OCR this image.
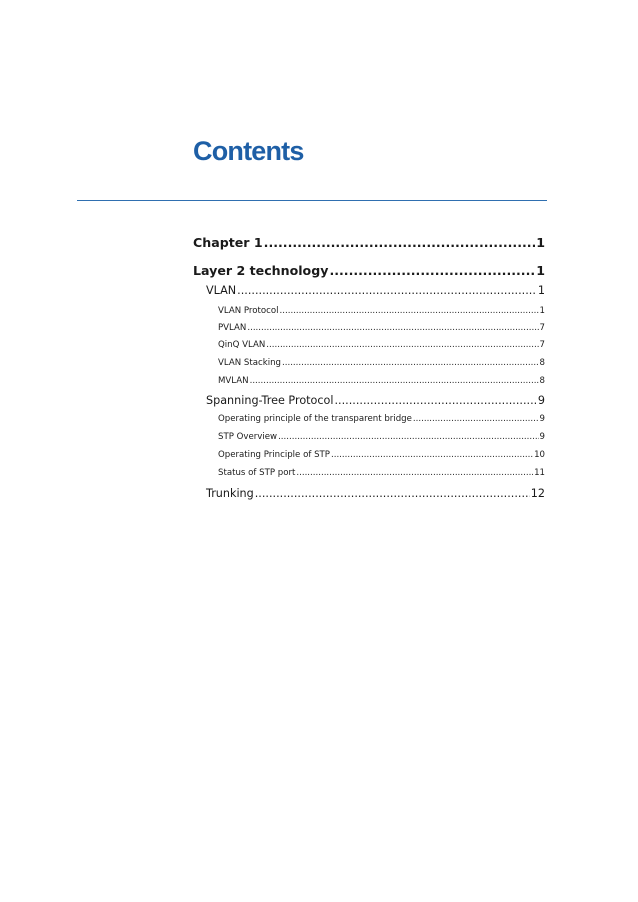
Contents
Chapter 1 .....	1
Layer 2 technology .....	1
VLAN .....	1
VLAN Protocol .....	1
PVLAN .....	7
QinQ VLAN .....	7
VLAN Stacking .....	8
MVLAN .....	8
Spanning-Tree Protocol .....	9
Operating principle of the transparent bridge .....	9
STP Overview .....	9
Operating Principle of STP .....	10
Status of STP port .....	11
Trunking .....	12
